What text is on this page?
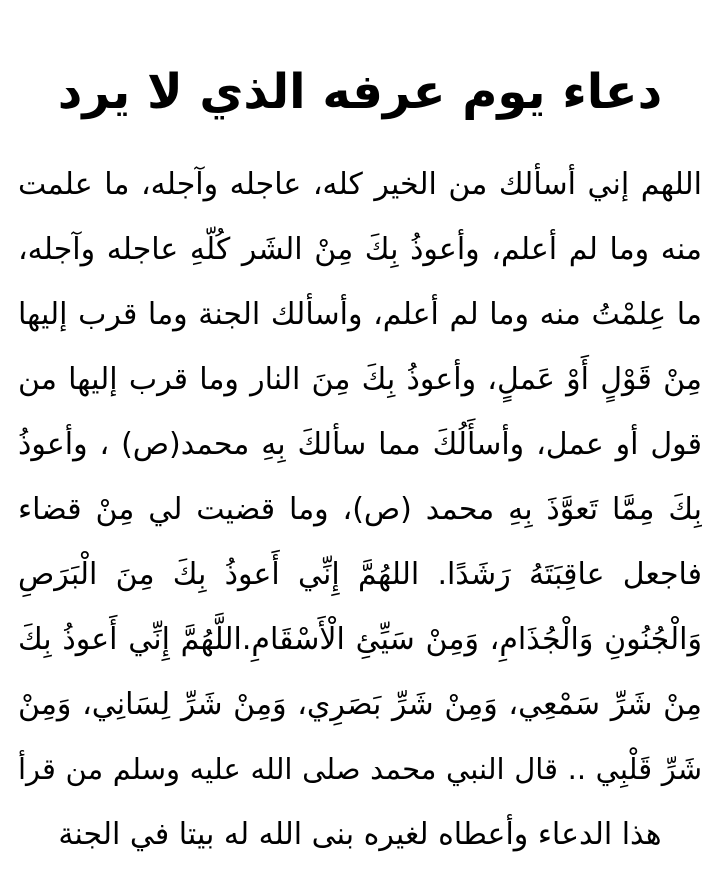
دعاء يوم عرفه الذي لا يرد
اللهم إني أسألك من الخير كله، عاجله وآجله، ما علمت
منه وما لم أعلم، وأعوذُ بِكَ مِنْ الشَر كُلّهِ عاجله وآجله،
ما عِلمْتُ منه وما لم أعلم، وأسألك الجنة وما قرب إليها
مِنْ قَوْلٍ أَوْ عَملٍ، وأعوذُ بِكَ مِنَ النار وما قرب إليها من
قول أو عمل، وأسأَلُكَ مما سألكَ بِهِ محمد(ص) ، وأعوذُ
بِكَ مِمَّا تَعوَّذَ بِهِ محمد (ص)، وما قضيت لي مِنْ قضاء
فاجعل عاقِبَتَهُ رَشَدًا. اللهُمَّ إِنِّي أَعوذُ بِكَ مِنَ الْبَرَصِ
وَالْجُنُونِ وَالْجُذَامِ، وَمِنْ سَيِّئِ الْأَسْقَامِ.اللَّهُمَّ إِنِّي أَعوذُ بِكَ
مِنْ شَرِّ سَمْعِي، وَمِنْ شَرِّ بَصَرِي، وَمِنْ شَرِّ لِسَانِي، وَمِنْ
شَرِّ قَلْبِي .. قال النبي محمد صلى الله عليه وسلم من قرأ
هذا الدعاء وأعطاه لغيره بنى الله له بيتا في الجنة
